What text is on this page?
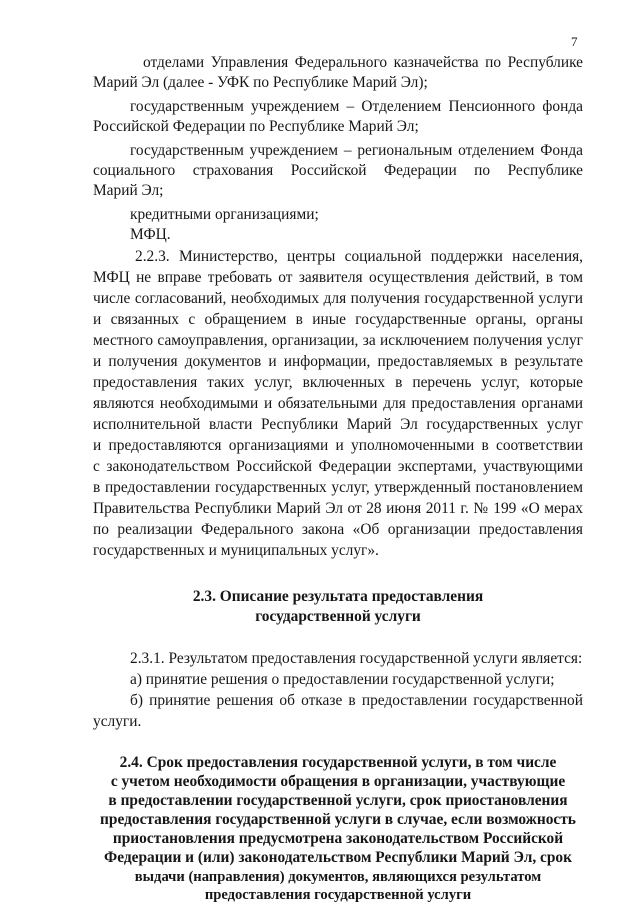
7
отделами Управления Федерального казначейства по Республике
Марий Эл (далее - УФК по Республике Марий Эл);
государственным учреждением – Отделением Пенсионного фонда
Российской Федерации по Республике Марий Эл;
государственным учреждением – региональным отделением Фонда
социального страхования Российской Федерации по Республике
Марий Эл;
кредитными организациями;
МФЦ.
2.2.3. Министерство, центры социальной поддержки населения,
МФЦ не вправе требовать от заявителя осуществления действий, в том
числе согласований, необходимых для получения государственной услуги
и связанных с обращением в иные государственные органы, органы
местного самоуправления, организации, за исключением получения услуг
и получения документов и информации, предоставляемых в результате
предоставления таких услуг, включенных в перечень услуг, которые
являются необходимыми и обязательными для предоставления органами
исполнительной власти Республики Марий Эл государственных услуг
и предоставляются организациями и уполномоченными в соответствии
с законодательством Российской Федерации экспертами, участвующими
в предоставлении государственных услуг, утвержденный постановлением
Правительства Республики Марий Эл от 28 июня 2011 г. № 199 «О мерах
по реализации Федерального закона «Об организации предоставления
государственных и муниципальных услуг».
2.3. Описание результата предоставления
государственной услуги
2.3.1. Результатом предоставления государственной услуги является:
а) принятие решения о предоставлении государственной услуги;
б) принятие решения об отказе в предоставлении государственной
услуги.
2.4. Срок предоставления государственной услуги, в том числе
с учетом необходимости обращения в организации, участвующие
в предоставлении государственной услуги, срок приостановления
предоставления государственной услуги в случае, если возможность
приостановления предусмотрена законодательством Российской
Федерации и (или) законодательством Республики Марий Эл, срок
выдачи (направления) документов, являющихся результатом
предоставления государственной услуги
